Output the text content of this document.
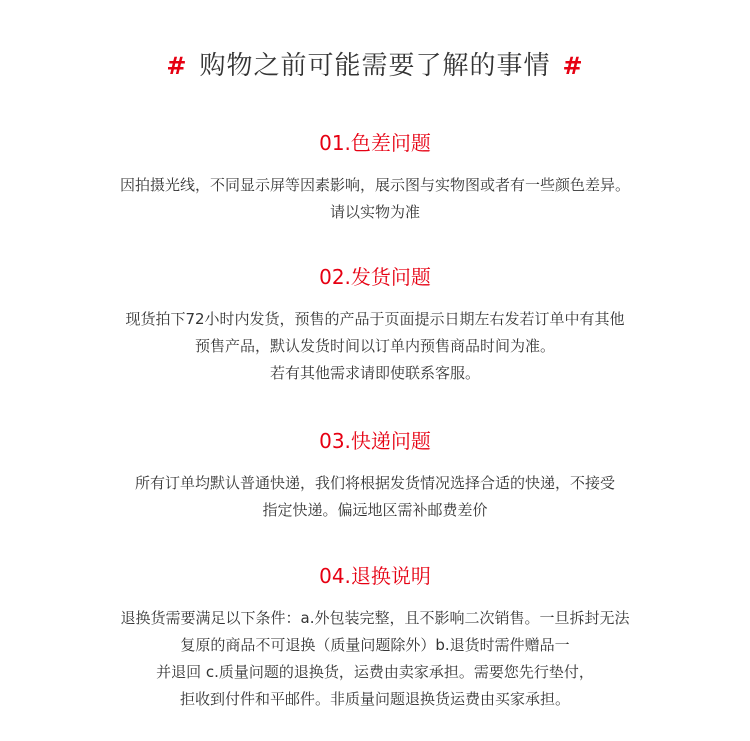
# 购物之前可能需要了解的事情 #
01.色差问题

因拍摄光线，不同显示屏等因素影响，展示图与实物图或者有一些颜色差异。

请以实物为准

02.发货问题

现货拍下72小时内发货，预售的产品于页面提示日期左右发若订单中有其他

预售产品，默认发货时间以订单内预售商品时间为准。

若有其他需求请即使联系客服。

03.快递问题

所有订单均默认普通快递，我们将根据发货情况选择合适的快递，不接受

指定快递。偏远地区需补邮费差价

04.退换说明

退换货需要满足以下条件：a.外包装完整，且不影响二次销售。一旦拆封无法

复原的商品不可退换（质量问题除外）b.退货时需件赠品一

并退回 c.质量问题的退换货，运费由卖家承担。需要您先行垫付，

拒收到付件和平邮件。非质量问题退换货运费由买家承担。
